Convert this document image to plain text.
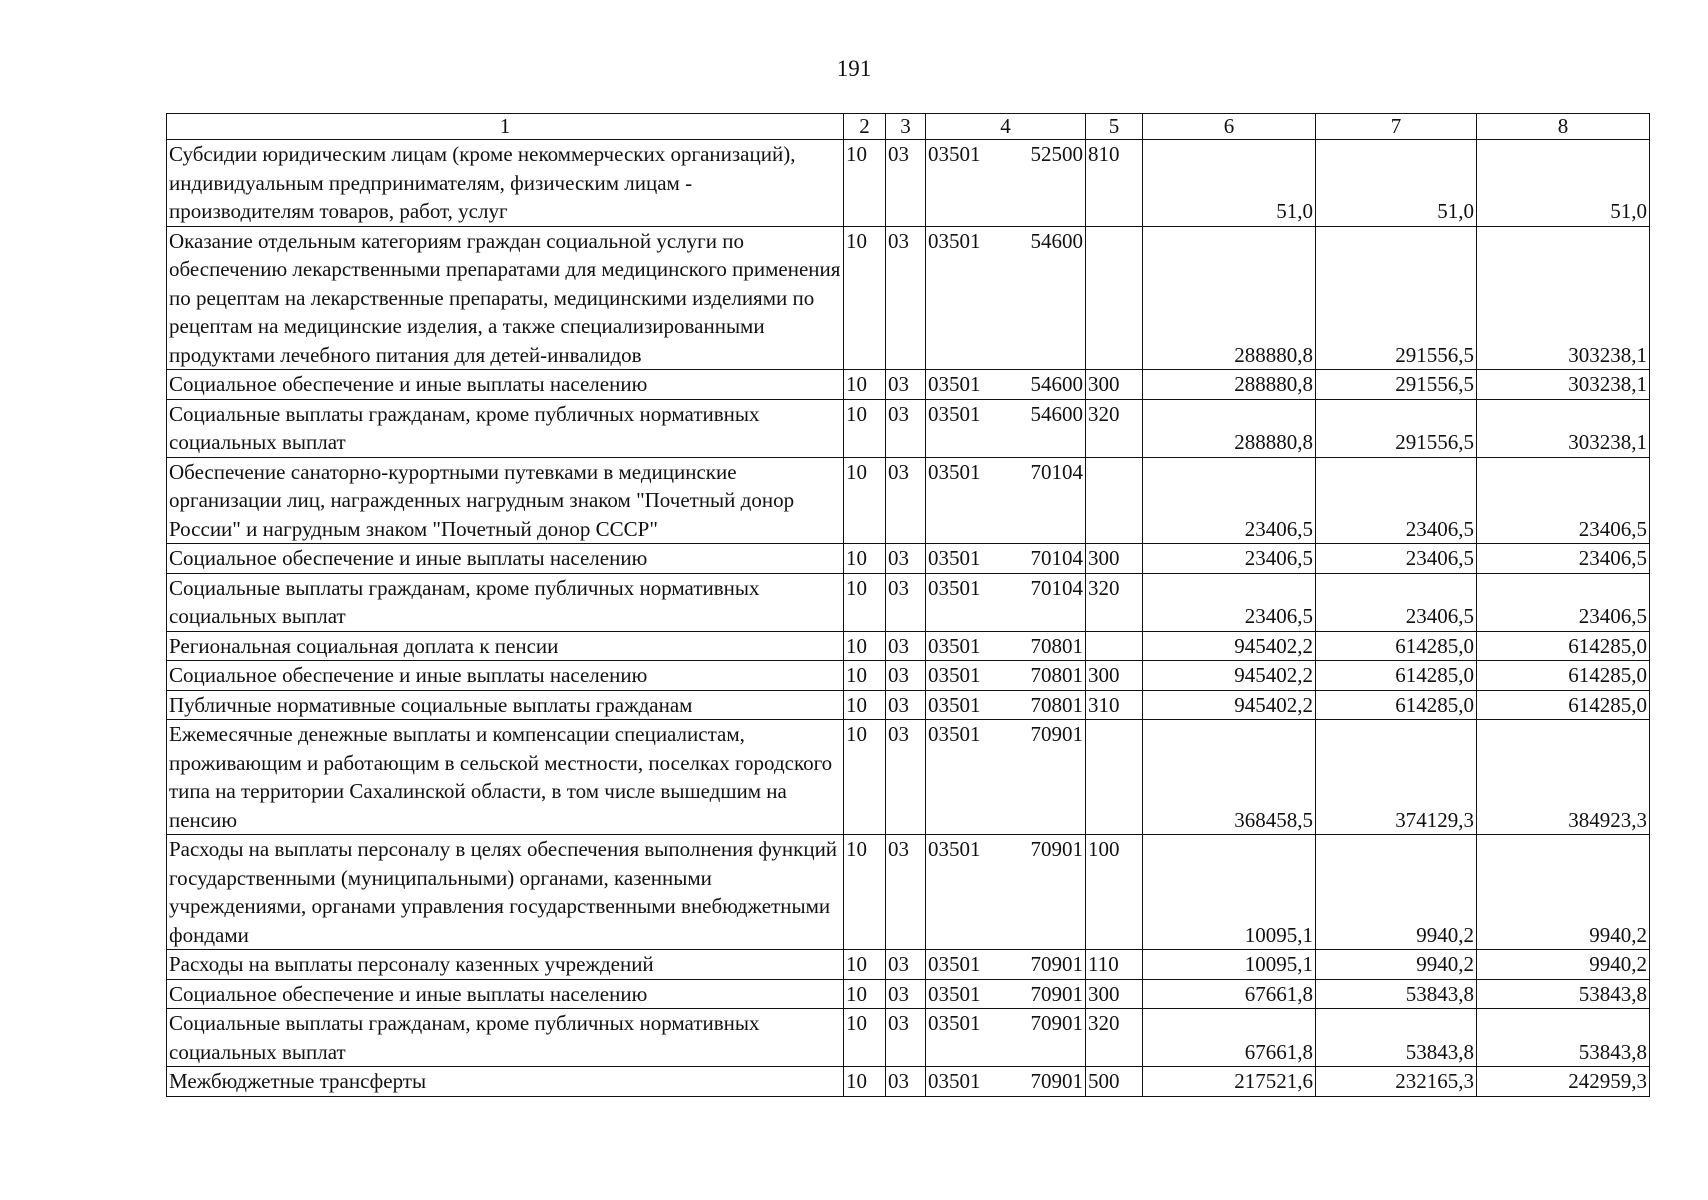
191
1	2	3	4	5	6	7	8
Субсидии юридическим лицам (кроме некоммерческих организаций), индивидуальным предпринимателям, физическим лицам - производителям товаров, работ, услуг	10	03	03501 52500	810	51,0	51,0	51,0
Оказание отдельным категориям граждан социальной услуги по обеспечению лекарственными препаратами для медицинского применения по рецептам на лекарственные препараты, медицинскими изделиями по рецептам на медицинские изделия, а также специализированными продуктами лечебного питания для детей-инвалидов	10	03	03501 54600		288880,8	291556,5	303238,1
Социальное обеспечение и иные выплаты населению	10	03	03501 54600	300	288880,8	291556,5	303238,1
Социальные выплаты гражданам, кроме публичных нормативных социальных выплат	10	03	03501 54600	320	288880,8	291556,5	303238,1
Обеспечение санаторно-курортными путевками в медицинские организации лиц, награжденных нагрудным знаком "Почетный донор России" и нагрудным знаком "Почетный донор СССР"	10	03	03501 70104		23406,5	23406,5	23406,5
Социальное обеспечение и иные выплаты населению	10	03	03501 70104	300	23406,5	23406,5	23406,5
Социальные выплаты гражданам, кроме публичных нормативных социальных выплат	10	03	03501 70104	320	23406,5	23406,5	23406,5
Региональная социальная доплата к пенсии	10	03	03501 70801		945402,2	614285,0	614285,0
Социальное обеспечение и иные выплаты населению	10	03	03501 70801	300	945402,2	614285,0	614285,0
Публичные нормативные социальные выплаты гражданам	10	03	03501 70801	310	945402,2	614285,0	614285,0
Ежемесячные денежные выплаты и компенсации специалистам, проживающим и работающим в сельской местности, поселках городского типа на территории Сахалинской области, в том числе вышедшим на пенсию	10	03	03501 70901		368458,5	374129,3	384923,3
Расходы на выплаты персоналу в целях обеспечения выполнения функций государственными (муниципальными) органами, казенными учреждениями, органами управления государственными внебюджетными фондами	10	03	03501 70901	100	10095,1	9940,2	9940,2
Расходы на выплаты персоналу казенных учреждений	10	03	03501 70901	110	10095,1	9940,2	9940,2
Социальное обеспечение и иные выплаты населению	10	03	03501 70901	300	67661,8	53843,8	53843,8
Социальные выплаты гражданам, кроме публичных нормативных социальных выплат	10	03	03501 70901	320	67661,8	53843,8	53843,8
Межбюджетные трансферты	10	03	03501 70901	500	217521,6	232165,3	242959,3
